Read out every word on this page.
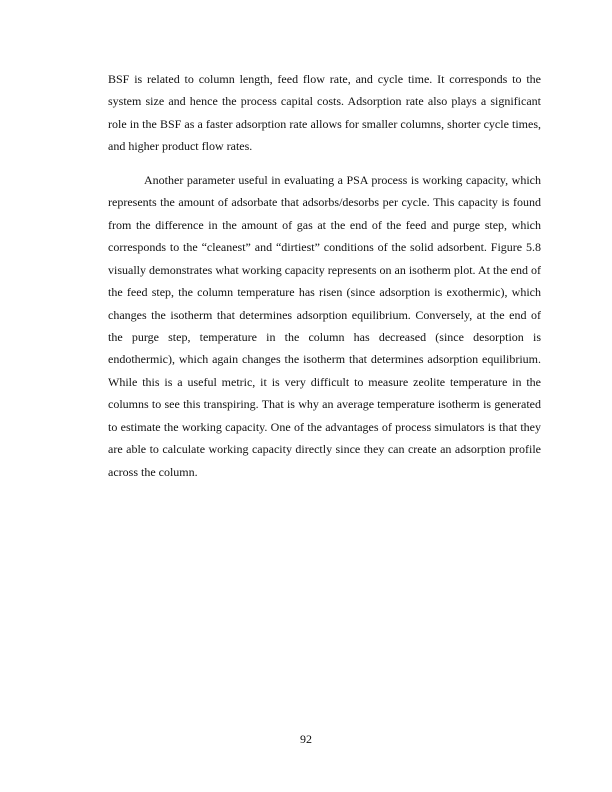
BSF is related to column length, feed flow rate, and cycle time. It corresponds to the system size and hence the process capital costs. Adsorption rate also plays a significant role in the BSF as a faster adsorption rate allows for smaller columns, shorter cycle times, and higher product flow rates.

Another parameter useful in evaluating a PSA process is working capacity, which represents the amount of adsorbate that adsorbs/desorbs per cycle. This capacity is found from the difference in the amount of gas at the end of the feed and purge step, which corresponds to the “cleanest” and “dirtiest” conditions of the solid adsorbent. Figure 5.8 visually demonstrates what working capacity represents on an isotherm plot. At the end of the feed step, the column temperature has risen (since adsorption is exothermic), which changes the isotherm that determines adsorption equilibrium. Conversely, at the end of the purge step, temperature in the column has decreased (since desorption is endothermic), which again changes the isotherm that determines adsorption equilibrium. While this is a useful metric, it is very difficult to measure zeolite temperature in the columns to see this transpiring. That is why an average temperature isotherm is generated to estimate the working capacity. One of the advantages of process simulators is that they are able to calculate working capacity directly since they can create an adsorption profile across the column.

92
